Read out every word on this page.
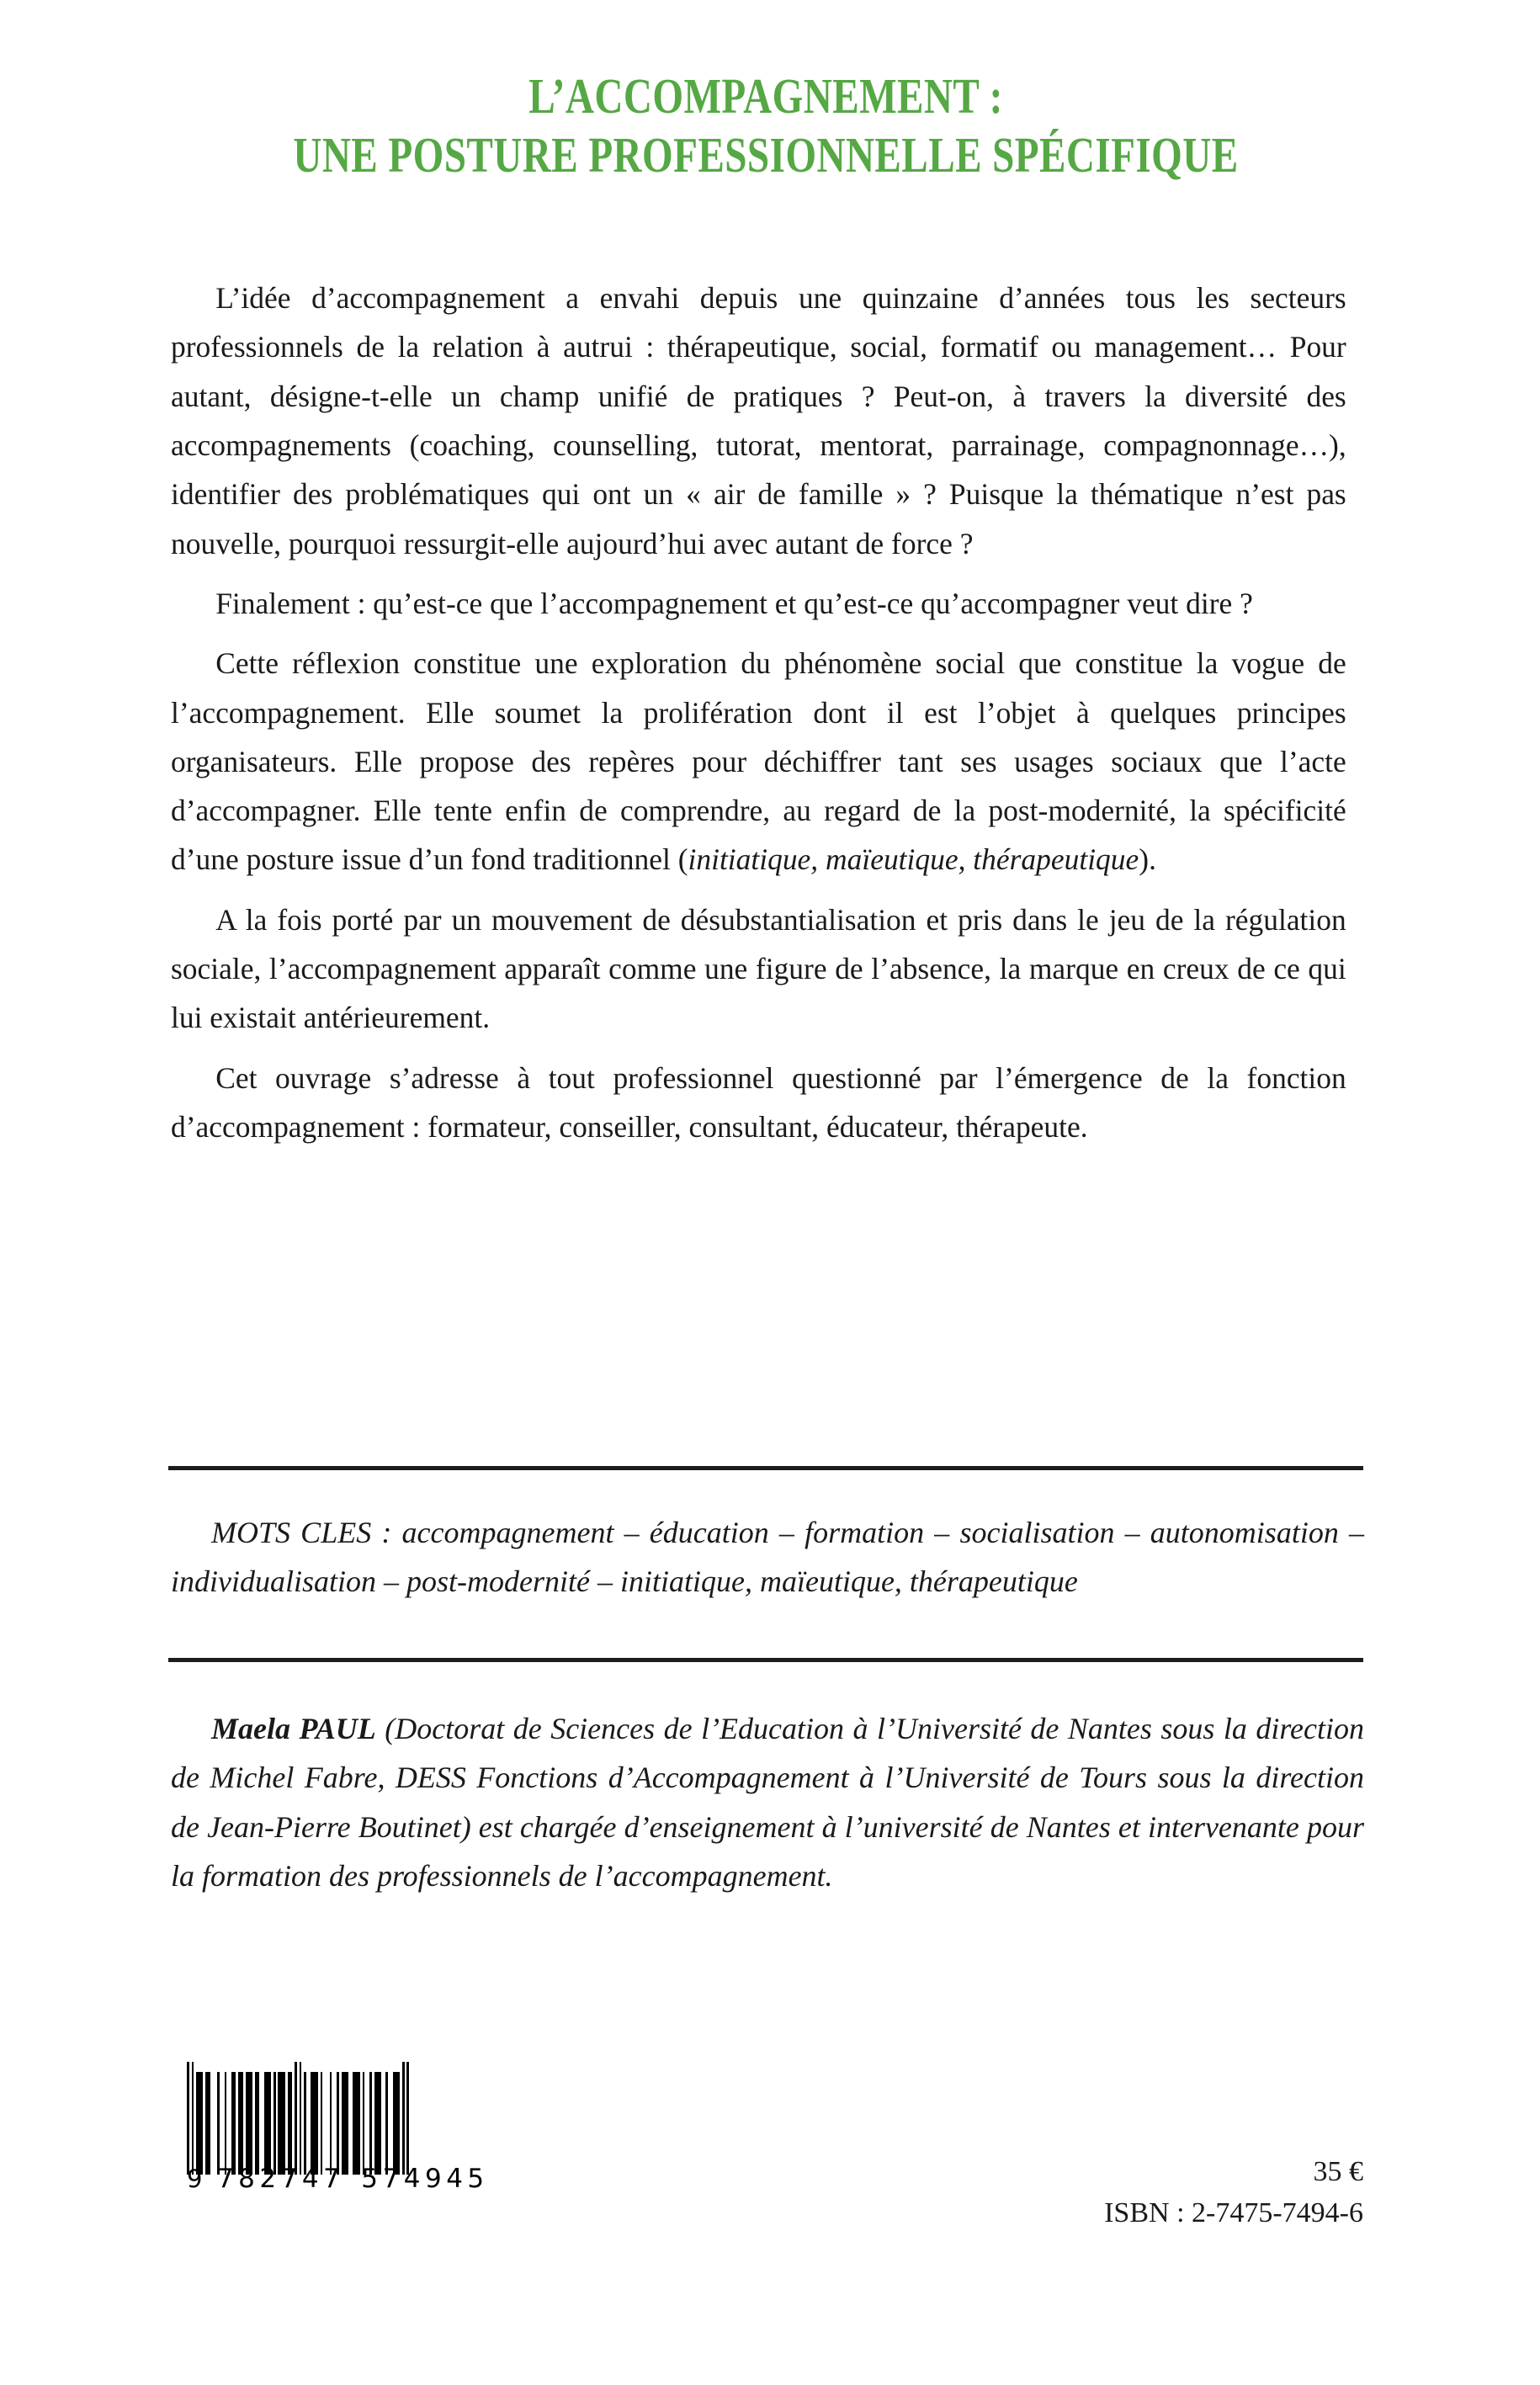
L’ACCOMPAGNEMENT :
UNE POSTURE PROFESSIONNELLE SPÉCIFIQUE

L’idée d’accompagnement a envahi depuis une quinzaine d’années tous les secteurs professionnels de la relation à autrui : thérapeutique, social, formatif ou management… Pour autant, désigne-t-elle un champ unifié de pratiques ? Peut-on, à travers la diversité des accompagnements (coaching, counselling, tutorat, mentorat, parrainage, compagnonnage…), identifier des problématiques qui ont un « air de famille » ? Puisque la thématique n’est pas nouvelle, pourquoi ressurgit-elle aujourd’hui avec autant de force ?

Finalement : qu’est-ce que l’accompagnement et qu’est-ce qu’accompagner veut dire ?

Cette réflexion constitue une exploration du phénomène social que constitue la vogue de l’accompagnement. Elle soumet la prolifération dont il est l’objet à quelques principes organisateurs. Elle propose des repères pour déchiffrer tant ses usages sociaux que l’acte d’accompagner. Elle tente enfin de comprendre, au regard de la post-modernité, la spécificité d’une posture issue d’un fond traditionnel (initiatique, maïeutique, thérapeutique).

A la fois porté par un mouvement de désubstantialisation et pris dans le jeu de la régulation sociale, l’accompagnement apparaît comme une figure de l’absence, la marque en creux de ce qui lui existait antérieurement.

Cet ouvrage s’adresse à tout professionnel questionné par l’émergence de la fonction d’accompagnement : formateur, conseiller, consultant, éducateur, thérapeute.

MOTS CLES : accompagnement – éducation – formation – socialisation – autonomisation – individualisation – post-modernité – initiatique, maïeutique, thérapeutique
Maela PAUL (Doctorat de Sciences de l’Education à l’Université de Nantes sous la direction de Michel Fabre, DESS Fonctions d’Accompagnement à l’Université de Tours sous la direction de Jean-Pierre Boutinet) est chargée d’enseignement à l’université de Nantes et intervenante pour la formation des professionnels de l’accompagnement.
9 782747 574945	35 €
ISBN : 2-7475-7494-6
